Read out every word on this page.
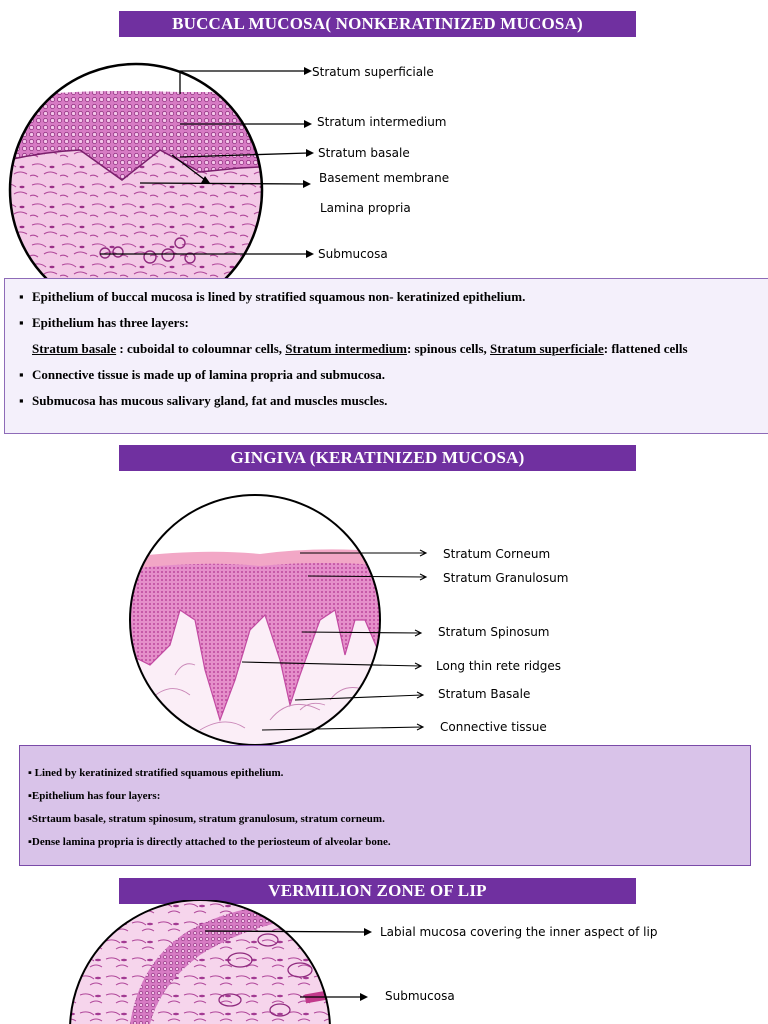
BUCCAL MUCOSA( NONKERATINIZED MUCOSA)
Stratum superficiale
Stratum intermedium
Stratum basale
Basement membrane
Lamina propria
Submucosa
▪ Epithelium of buccal mucosa is lined by stratified squamous non- keratinized epithelium.
▪ Epithelium has three layers:
Stratum basale : cuboidal to coloumnar cells, Stratum intermedium: spinous cells, Stratum superficiale: flattened cells
▪ Connective tissue is made up of lamina propria and submucosa.
▪ Submucosa has mucous salivary gland, fat and muscles muscles.
GINGIVA (KERATINIZED MUCOSA)
Stratum Corneum
Stratum Granulosum
Stratum Spinosum
Long thin rete ridges
Stratum Basale
Connective tissue
▪ Lined by keratinized stratified squamous epithelium.
▪Epithelium has four layers:
▪Strtaum basale, stratum spinosum, stratum granulosum, stratum corneum.
▪Dense lamina propria is directly attached to the periosteum of alveolar bone.
VERMILION ZONE OF LIP
Labial mucosa covering the inner aspect of lip
Submucosa
